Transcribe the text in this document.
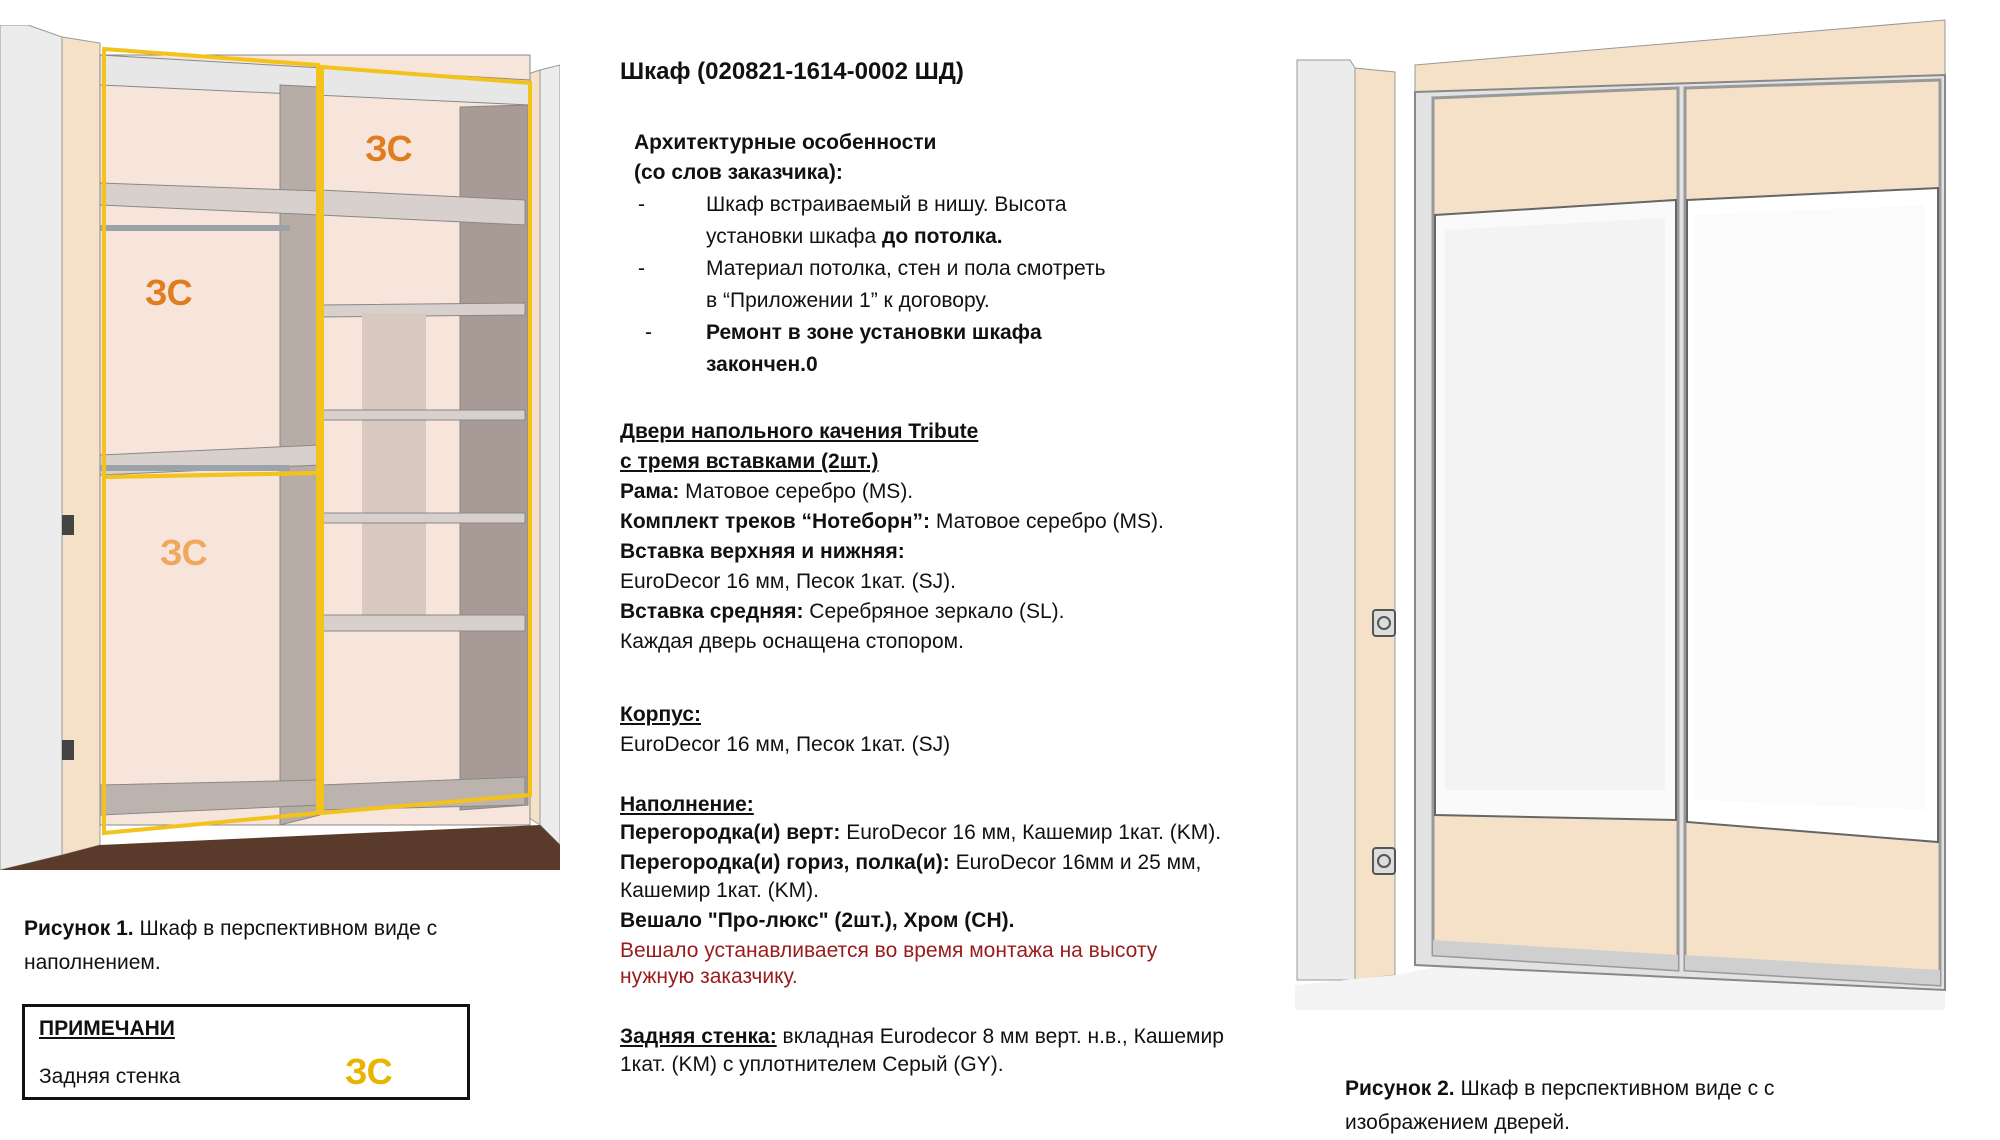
ЗС
ЗС
ЗС
Рисунок 1. Шкаф в перспективном виде с
наполнением.
ПРИМЕЧАНИ
Задняя стенка	ЗС
Шкаф (020821-1614-0002 ШД)
Архитектурные особенности
(со слов заказчика):
-	Шкаф встраиваемый в нишу. Высота
установки шкафа до потолка.
-	Материал потолка, стен и пола смотреть
в “Приложении 1” к договору.
-	Ремонт в зоне установки шкафа
закончен.0
Двери напольного качения Tribute
с тремя вставками (2шт.)
Рама: Матовое серебро (MS).
Комплект треков “Нотеборн”: Матовое серебро (MS).
Вставка верхняя и нижняя:
EuroDecor 16 мм, Песок 1кат. (SJ).
Вставка средняя: Серебряное зеркало (SL).
Каждая дверь оснащена стопором.
Корпус:
EuroDecor 16 мм, Песок 1кат. (SJ)
Наполнение:
Перегородка(и) верт: EuroDecor 16 мм, Кашемир 1кат. (KM).
Перегородка(и) гориз, полка(и): EuroDecor 16мм и 25 мм,
Кашемир 1кат. (KM).
Вешало "Про-люкс" (2шт.), Хром (CH).
Вешало устанавливается во время монтажа на высоту
нужную заказчику.
Задняя стенка: вкладная Eurodecor 8 мм верт. н.в., Кашемир
1кат. (KM) с уплотнителем Серый (GY).
Рисунок 2. Шкаф в перспективном виде с с
изображением дверей.
